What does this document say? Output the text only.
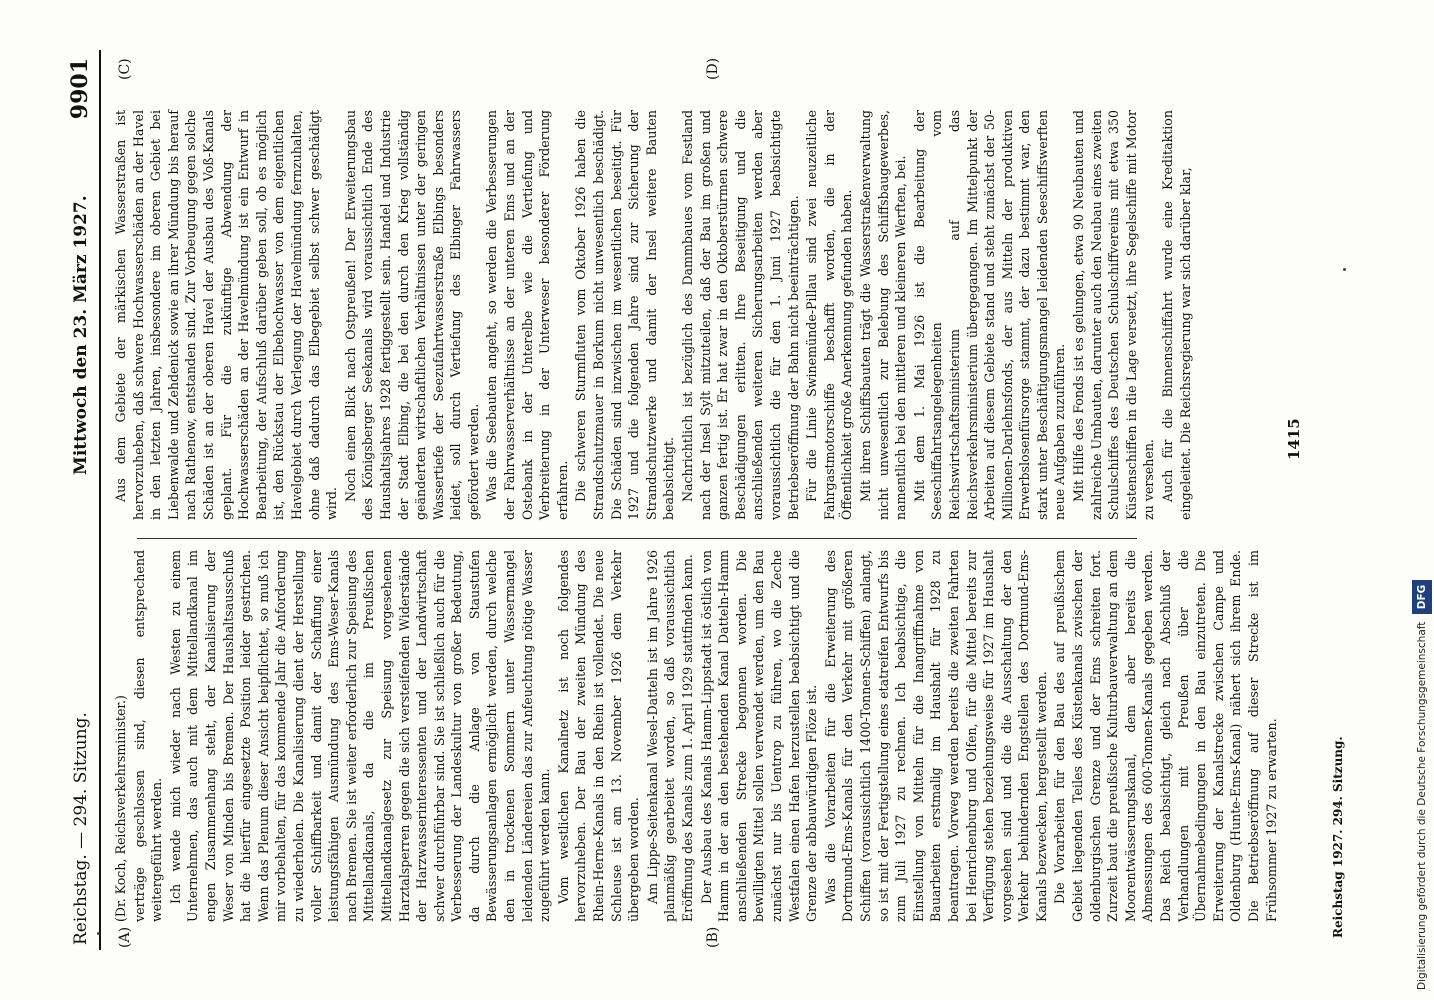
Reichstag. — 294. Sitzung.
Mittwoch den 23. März 1927.
9901
(A)	(B)
(C)	(D)

(Dr. Koch, Reichsverkehrsminister.) verträge geschlossen sind, diesen entsprechend weitergeführt werden. Ich wende mich wieder nach Westen zu einem Unternehmen, das auch mit dem Mittellandkanal im engen Zusammenhang steht, der Kanalisierung der Weser von Minden bis Bremen. Der Haushaltsausschuß hat die hierfür eingesetzte Position leider gestrichen. Wenn das Plenum dieser Ansicht beipflichtet, so muß ich mir vorbehalten, für das kommende Jahr die Anforderung zu wiederholen. Die Kanalisierung dient der Herstellung voller Schiffbarkeit und damit der Schaffung einer leistungsfähigen Ausmündung des Ems-Weser-Kanals nach Bremen. Sie ist weiter erforderlich zur Speisung des Mittellandkanals, da die im Preußischen Mittellandkanalgesetz zur Speisung vorgesehenen Harztalsperren gegen die sich versteifenden Widerstände der Harzwasserinteressenten und der Landwirtschaft schwer durchführbar sind. Sie ist schließlich auch für die Verbesserung der Landeskultur von großer Bedeutung, da durch die Anlage von Staustufen Bewässerungsanlagen ermöglicht werden, durch welche den in trockenen Sommern unter Wassermangel leidenden Ländereien das zur Anfeuchtung nötige Wasser zugeführt werden kann. Vom westlichen Kanalnetz ist noch folgendes hervorzuheben. Der Bau der zweiten Mündung des Rhein-Herne-Kanals in den Rhein ist vollendet. Die neue Schleuse ist am 13. November 1926 dem Verkehr übergeben worden. Am Lippe-Seitenkanal Wesel-Datteln ist im Jahre 1926 planmäßig gearbeitet worden, so daß voraussichtlich Eröffnung des Kanals zum 1. April 1929 stattfinden kann. Der Ausbau des Kanals Hamm-Lippstadt ist östlich von Hamm in der an den bestehenden Kanal Datteln-Hamm anschließenden Strecke begonnen worden. Die bewilligten Mittel sollen verwendet werden, um den Bau zunächst nur bis Uentrop zu führen, wo die Zeche Westfalen einen Hafen herzustellen beabsichtigt und die Grenze der abbauwürdigen Flöze ist. Was die Vorarbeiten für die Erweiterung des Dortmund-Ems-Kanals für den Verkehr mit größeren Schiffen (voraussichtlich 1400-Tonnen-Schiffen) anlangt, so ist mit der Fertigstellung eines etatreifen Entwurfs bis zum Juli 1927 zu rechnen. Ich beabsichtige, die Einstellung von Mitteln für die Inangriffnahme von Bauarbeiten erstmalig im Haushalt für 1928 zu beantragen. Vorweg werden bereits die zweiten Fahrten bei Henrichenburg und Olfen, für die Mittel bereits zur Verfügung stehen beziehungsweise für 1927 im Haushalt vorgesehen sind und die die Ausschaltung der den Verkehr behindernden Engstellen des Dortmund-Ems-Kanals bezwecken, hergestellt werden. Die Vorarbeiten für den Bau des auf preußischem Gebiet liegenden Teiles des Küstenkanals zwischen der oldenburgischen Grenze und der Ems schreiten fort. Zurzeit baut die preußische Kulturbauverwaltung an dem Moorentwässerungskanal, dem aber bereits die Abmessungen des 600-Tonnen-Kanals gegeben werden. Das Reich beabsichtigt, gleich nach Abschluß der Verhandlungen mit Preußen über die Übernahmebedingungen in den Bau einzutreten. Die Erweiterung der Kanalstrecke zwischen Campe und Oldenburg (Hunte-Ems-Kanal) nähert sich ihrem Ende. Die Betriebseröffnung auf dieser Strecke ist im Frühsommer 1927 zu erwarten.

Aus dem Gebiete der märkischen Wasserstraßen ist hervorzuheben, daß schwere Hochwasserschäden an der Havel in den letzten Jahren, insbesondere im oberen Gebiet bei Liebenwalde und Zehdenick sowie an ihrer Mündung bis herauf nach Rathenow, entstanden sind. Zur Vorbeugung gegen solche Schäden ist an der oberen Havel der Ausbau des Voß-Kanals geplant. Für die zukünftige Abwendung der Hochwasserschäden an der Havelmündung ist ein Entwurf in Bearbeitung, der Aufschluß darüber geben soll, ob es möglich ist, den Rückstau der Elbehochwasser von dem eigentlichen Havelgebiet durch Verlegung der Havelmündung fernzuhalten, ohne daß dadurch das Elbegebiet selbst schwer geschädigt wird.

Noch einen Blick nach Ostpreußen! Der Erweiterungsbau des Königsberger Seekanals wird voraussichtlich Ende des Haushaltsjahres 1928 fertiggestellt sein. Handel und Industrie der Stadt Elbing, die bei den durch den Krieg vollständig geänderten wirtschaftlichen Verhältnissen unter der geringen Wassertiefe der Seezufahrtwasserstraße Elbings besonders leidet, soll durch Vertiefung des Elbinger Fahrwassers gefördert werden. Was die Seebauten angeht, so werden die Verbesserungen der Fahrwasserverhältnisse an der unteren Ems und an der Ostebank in der Unterelbe wie die Vertiefung und Verbreiterung in der Unterweser besonderer Förderung erfahren. Die schweren Sturmfluten vom Oktober 1926 haben die Strandschutzmauer in Borkum nicht unwesentlich beschädigt. Die Schäden sind inzwischen im wesentlichen beseitigt. Für 1927 und die folgenden Jahre sind zur Sicherung der Strandschutzwerke und damit der Insel weitere Bauten beabsichtigt. Nachrichtlich ist bezüglich des Dammbaues vom Festland nach der Insel Sylt mitzuteilen, daß der Bau im großen und ganzen fertig ist. Er hat zwar in den Oktoberstürmen schwere Beschädigungen erlitten. Ihre Beseitigung und die anschließenden weiteren Sicherungsarbeiten werden aber voraussichtlich die für den 1. Juni 1927 beabsichtigte Betriebseröffnung der Bahn nicht beeinträchtigen. Für die Linie Swinemünde-Pillau sind zwei neuzeitliche Fahrgastmotorschiffe beschafft worden, die in der Öffentlichkeit große Anerkennung gefunden haben. Mit ihren Schiffsbauten trägt die Wasserstraßenverwaltung nicht unwesentlich zur Belebung des Schiffsbaugewerbes, namentlich bei den mittleren und kleineren Werften, bei. Mit dem 1. Mai 1926 ist die Bearbeitung der Seeschiffahrtsangelegenheiten vom Reichswirtschaftsministerium auf das Reichsverkehrsministerium übergegangen. Im Mittelpunkt der Arbeiten auf diesem Gebiete stand und steht zunächst der 50-Millionen-Darlehnsfonds, der aus Mitteln der produktiven Erwerbslosenfürsorge stammt, der dazu bestimmt war, den stark unter Beschäftigungsmangel leidenden Seeschiffswerften neue Aufgaben zuzuführen. Mit Hilfe des Fonds ist es gelungen, etwa 90 Neubauten und zahlreiche Umbauten, darunter auch den Neubau eines zweiten Schulschiffes des Deutschen Schulschiffvereins mit etwa 350 Küstenschiffen in die Lage versetzt, ihre Segelschiffe mit Motor zu versehen. Auch für die Binnenschiffahrt wurde eine Kreditaktion eingeleitet. Die Reichsregierung war sich darüber klar,

Reichstag 1927. 294. Sitzung.
1415
Digitalisierung gefördert durch die Deutsche Forschungsgemeinschaft DFG
